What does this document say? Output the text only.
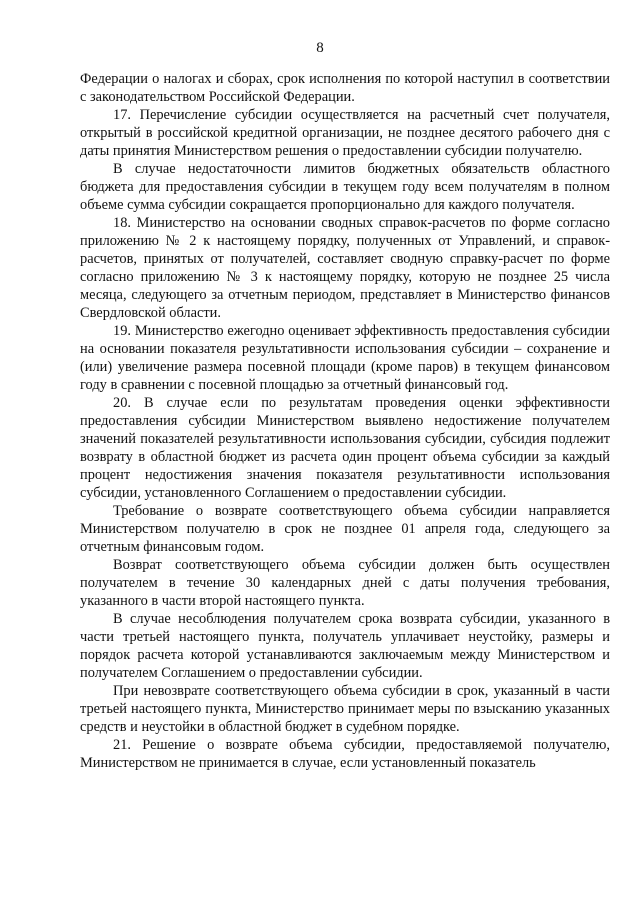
8

Федерации о налогах и сборах, срок исполнения по которой наступил в соответствии с законодательством Российской Федерации.

17. Перечисление субсидии осуществляется на расчетный счет получателя, открытый в российской кредитной организации, не позднее десятого рабочего дня с даты принятия Министерством решения о предоставлении субсидии получателю.

В случае недостаточности лимитов бюджетных обязательств областного бюджета для предоставления субсидии в текущем году всем получателям в полном объеме сумма субсидии сокращается пропорционально для каждого получателя.

18. Министерство на основании сводных справок-расчетов по форме согласно приложению № 2 к настоящему порядку, полученных от Управлений, и справок-расчетов, принятых от получателей, составляет сводную справку-расчет по форме согласно приложению № 3 к настоящему порядку, которую не позднее 25 числа месяца, следующего за отчетным периодом, представляет в Министерство финансов Свердловской области.

19. Министерство ежегодно оценивает эффективность предоставления субсидии на основании показателя результативности использования субсидии – сохранение и (или) увеличение размера посевной площади (кроме паров) в текущем финансовом году в сравнении с посевной площадью за отчетный финансовый год.

20. В случае если по результатам проведения оценки эффективности предоставления субсидии Министерством выявлено недостижение получателем значений показателей результативности использования субсидии, субсидия подлежит возврату в областной бюджет из расчета один процент объема субсидии за каждый процент недостижения значения показателя результативности использования субсидии, установленного Соглашением о предоставлении субсидии.

Требование о возврате соответствующего объема субсидии направляется Министерством получателю в срок не позднее 01 апреля года, следующего за отчетным финансовым годом.

Возврат соответствующего объема субсидии должен быть осуществлен получателем в течение 30 календарных дней с даты получения требования, указанного в части второй настоящего пункта.

В случае несоблюдения получателем срока возврата субсидии, указанного в части третьей настоящего пункта, получатель уплачивает неустойку, размеры и порядок расчета которой устанавливаются заключаемым между Министерством и получателем Соглашением о предоставлении субсидии.

При невозврате соответствующего объема субсидии в срок, указанный в части третьей настоящего пункта, Министерство принимает меры по взысканию указанных средств и неустойки в областной бюджет в судебном порядке.

21. Решение о возврате объема субсидии, предоставляемой получателю, Министерством не принимается в случае, если установленный показатель
